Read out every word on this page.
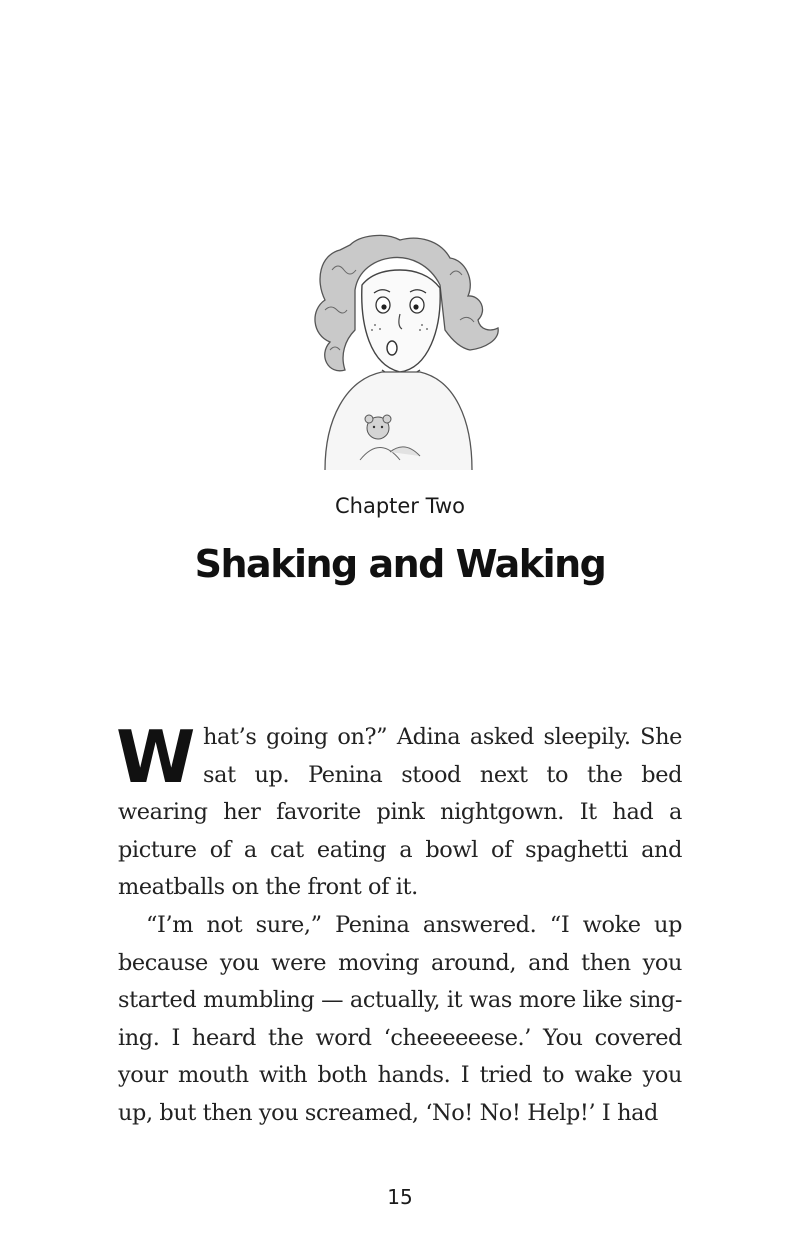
Chapter Two
Shaking and Waking

What’s going on?” Adina asked sleepily. She sat up. Penina stood next to the bed wearing her favorite pink nightgown. It had a picture of a cat eating a bowl of spaghetti and meatballs on the front of it.

“I’m not sure,” Penina answered. “I woke up because you were moving around, and then you started mumbling — actually, it was more like sing-ing. I heard the word ‘cheeeeeese.’ You covered your mouth with both hands. I tried to wake you up, but then you screamed, ‘No! No! Help!’ I had

15
